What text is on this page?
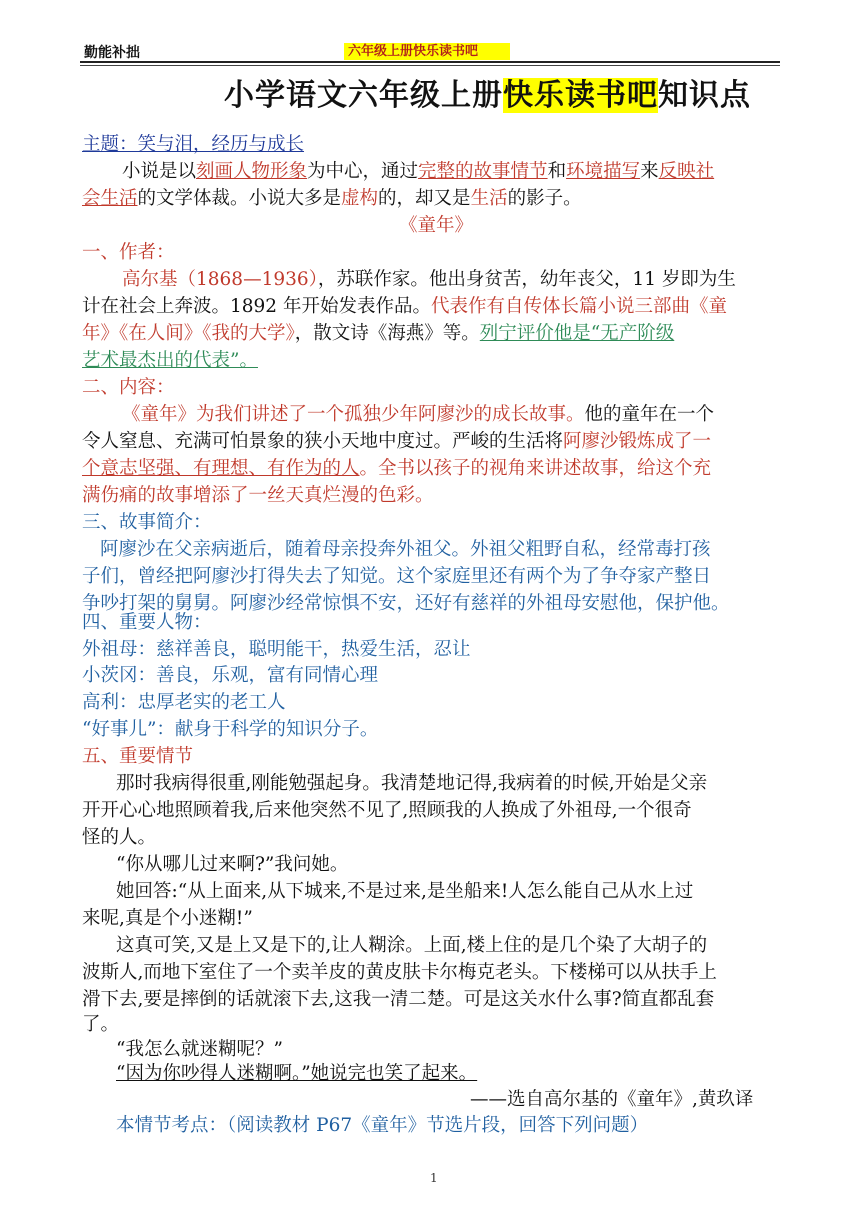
勤能补拙	六年级上册快乐读书吧
小学语文六年级上册快乐读书吧知识点
主题：笑与泪，经历与成长
小说是以刻画人物形象为中心，通过完整的故事情节和环境描写来反映社
会生活的文学体裁。小说大多是虚构的，却又是生活的影子。
《童年》
一、作者：
高尔基（1868—1936），苏联作家。他出身贫苦，幼年丧父，11 岁即为生
计在社会上奔波。1892 年开始发表作品。代表作有自传体长篇小说三部曲《童
年》《在人间》《我的大学》，散文诗《海燕》等。列宁评价他是“无产阶级
艺术最杰出的代表”。
二、内容：
《童年》为我们讲述了一个孤独少年阿廖沙的成长故事。他的童年在一个
令人窒息、充满可怕景象的狭小天地中度过。严峻的生活将阿廖沙锻炼成了一
个意志坚强、有理想、有作为的人。全书以孩子的视角来讲述故事，给这个充
满伤痛的故事增添了一丝天真烂漫的色彩。
三、故事简介：
阿廖沙在父亲病逝后，随着母亲投奔外祖父。外祖父粗野自私，经常毒打孩
子们，曾经把阿廖沙打得失去了知觉。这个家庭里还有两个为了争夺家产整日
争吵打架的舅舅。阿廖沙经常惊惧不安，还好有慈祥的外祖母安慰他，保护他。
四、重要人物：
外祖母：慈祥善良，聪明能干，热爱生活，忍让
小茨冈：善良，乐观，富有同情心理
高利：忠厚老实的老工人
“好事儿”：献身于科学的知识分子。
五、重要情节
那时我病得很重,刚能勉强起身。我清楚地记得,我病着的时候,开始是父亲
开开心心地照顾着我,后来他突然不见了,照顾我的人换成了外祖母,一个很奇
怪的人。
“你从哪儿过来啊?”我问她。
她回答:“从上面来,从下城来,不是过来,是坐船来!人怎么能自己从水上过
来呢,真是个小迷糊!”
这真可笑,又是上又是下的,让人糊涂。上面,楼上住的是几个染了大胡子的
波斯人,而地下室住了一个卖羊皮的黄皮肤卡尔梅克老头。下楼梯可以从扶手上
滑下去,要是摔倒的话就滚下去,这我一清二楚。可是这关水什么事?简直都乱套
了。
“我怎么就迷糊呢？”
“因为你吵得人迷糊啊。”她说完也笑了起来。
——选自高尔基的《童年》,黄玖译
本情节考点：（阅读教材 P67《童年》节选片段，回答下列问题）
1
